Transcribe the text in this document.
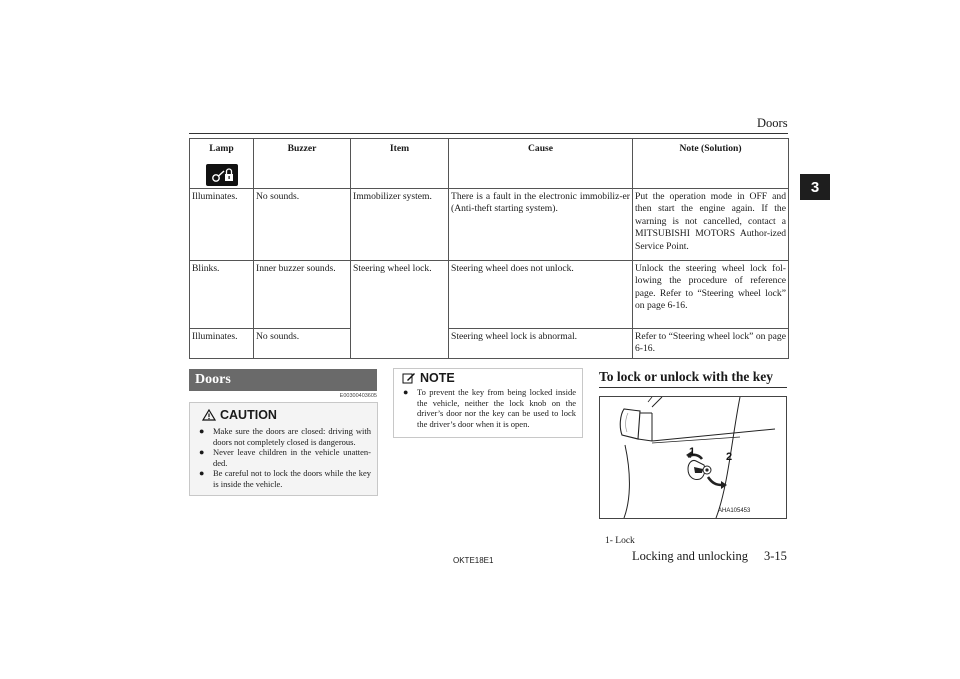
Doors
3
Lamp	Buzzer	Item	Cause	Note (Solution)
Illuminates.	No sounds.	Immobilizer system.	There is a fault in the electronic immobiliz-er (Anti-theft starting system).	Put the operation mode in OFF and then start the engine again. If the warning is not cancelled, contact a MITSUBISHI MOTORS Author-ized Service Point.
Blinks.	Inner buzzer sounds.	Steering wheel lock.	Steering wheel does not unlock.	Unlock the steering wheel lock fol-lowing the procedure of reference page. Refer to “Steering wheel lock” on page 6-16.
Illuminates.	No sounds.		Steering wheel lock is abnormal.	Refer to “Steering wheel lock” on page 6-16.
Doors
E00300403605
CAUTION
● Make sure the doors are closed: driving with doors not completely closed is dangerous.
● Never leave children in the vehicle unatten-ded.
● Be careful not to lock the doors while the key is inside the vehicle.
NOTE
● To prevent the key from being locked inside the vehicle, neither the lock knob on the driver’s door nor the key can be used to lock the driver’s door when it is open.
To lock or unlock with the key
1	2
AHA105453
1- Lock
OKTE18E1	Locking and unlocking 3-15
